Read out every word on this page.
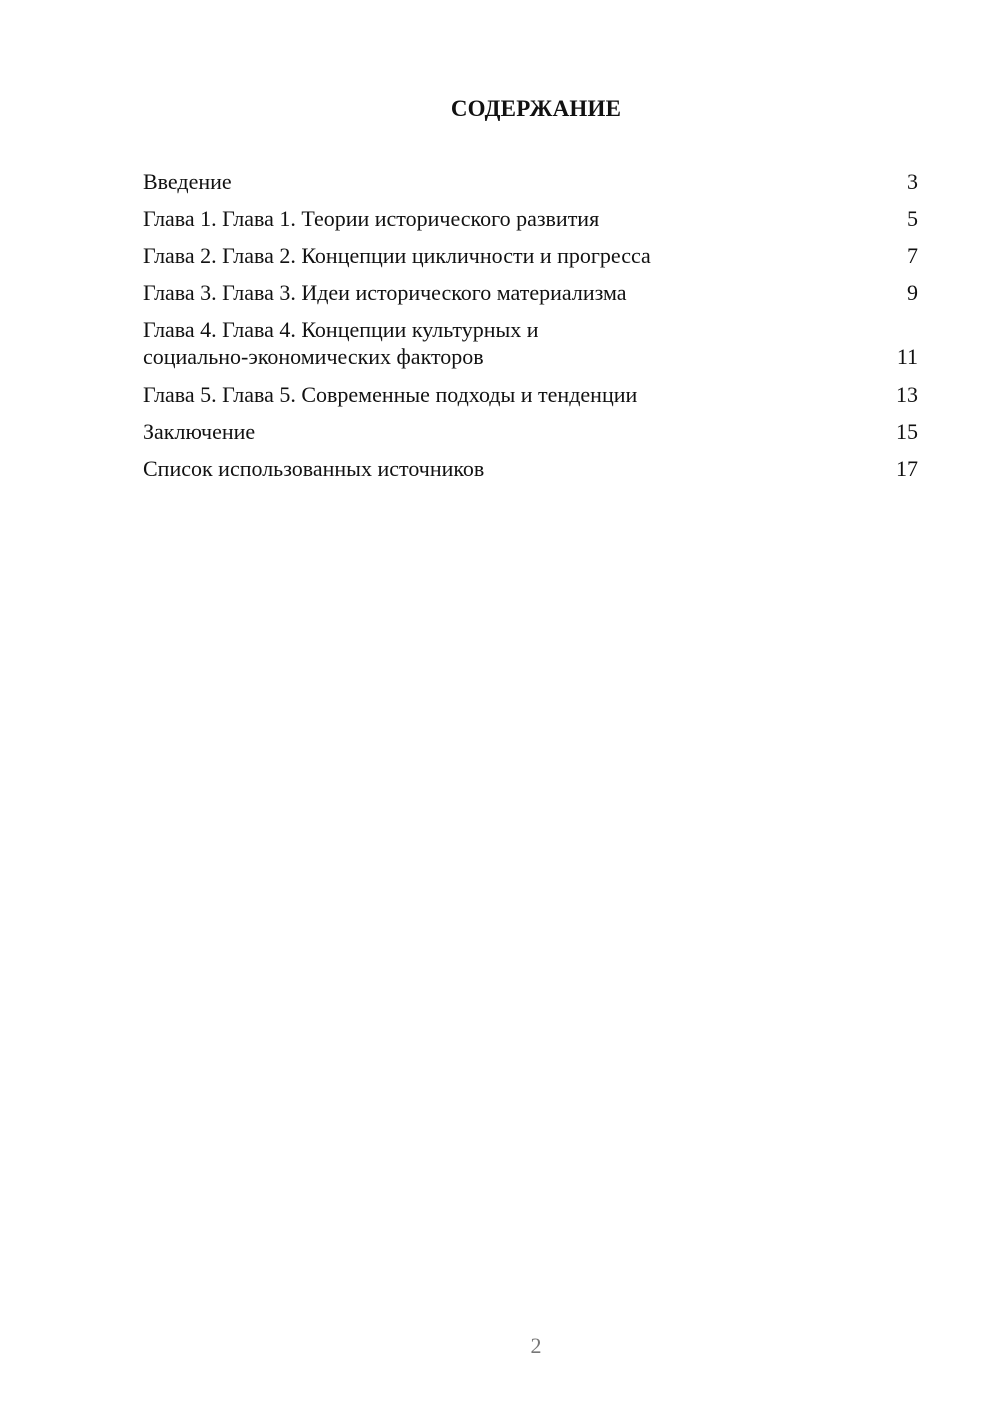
СОДЕРЖАНИЕ
Введение	3
Глава 1. Глава 1. Теории исторического развития	5
Глава 2. Глава 2. Концепции цикличности и прогресса	7
Глава 3. Глава 3. Идеи исторического материализма	9
Глава 4. Глава 4. Концепции культурных и
социально-экономических факторов	11
Глава 5. Глава 5. Современные подходы и тенденции	13
Заключение	15
Список использованных источников	17

2
